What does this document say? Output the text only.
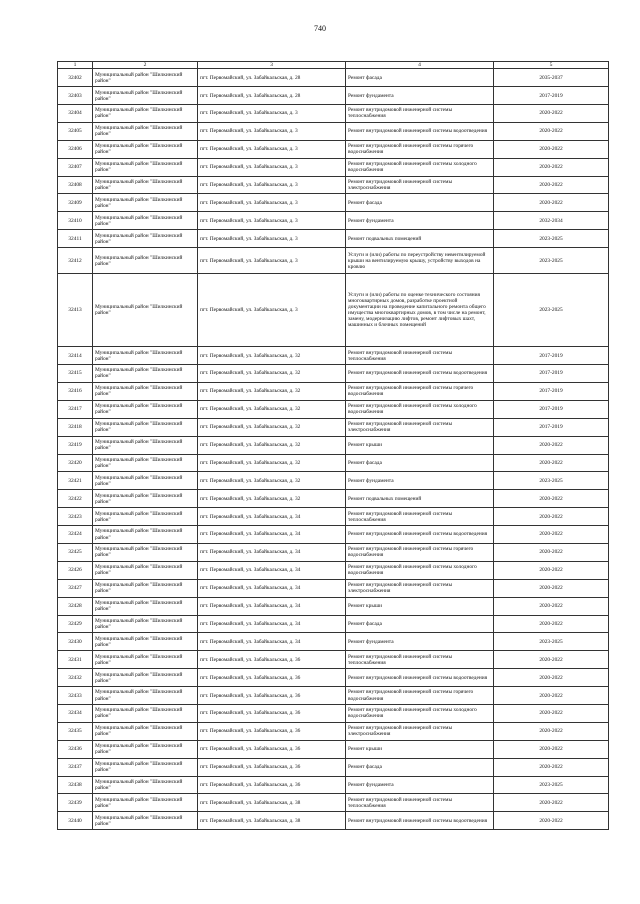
740
1	2	3	4	5
32402	Муниципальный район "Шилкинский район"	пгт. Первомайский, ул. Забайкальская, д. 28	Ремонт фасада	2035-2037
32403	Муниципальный район "Шилкинский район"	пгт. Первомайский, ул. Забайкальская, д. 28	Ремонт фундамента	2017-2019
32404	Муниципальный район "Шилкинский район"	пгт. Первомайский, ул. Забайкальская, д. 3	Ремонт внутридомовой инженерной системы теплоснабжения	2020-2022
32405	Муниципальный район "Шилкинский район"	пгт. Первомайский, ул. Забайкальская, д. 3	Ремонт внутридомовой инженерной системы водоотведения	2020-2022
32406	Муниципальный район "Шилкинский район"	пгт. Первомайский, ул. Забайкальская, д. 3	Ремонт внутридомовой инженерной системы горячего водоснабжения	2020-2022
32407	Муниципальный район "Шилкинский район"	пгт. Первомайский, ул. Забайкальская, д. 3	Ремонт внутридомовой инженерной системы холодного водоснабжения	2020-2022
32408	Муниципальный район "Шилкинский район"	пгт. Первомайский, ул. Забайкальская, д. 3	Ремонт внутридомовой инженерной системы электроснабжения	2020-2022
32409	Муниципальный район "Шилкинский район"	пгт. Первомайский, ул. Забайкальская, д. 3	Ремонт фасада	2020-2022
32410	Муниципальный район "Шилкинский район"	пгт. Первомайский, ул. Забайкальская, д. 3	Ремонт фундамента	2032-2034
32411	Муниципальный район "Шилкинский район"	пгт. Первомайский, ул. Забайкальская, д. 3	Ремонт подвальных помещений	2023-2025
32412	Муниципальный район "Шилкинский район"	пгт. Первомайский, ул. Забайкальская, д. 3	Услуги и (или) работы по переустройству невентилируемой крыши на вентилируемую крышу, устройству выходов на кровлю	2023-2025
32413	Муниципальный район "Шилкинский район"	пгт. Первомайский, ул. Забайкальская, д. 3	Услуги и (или) работы по оценке технического состояния многоквартирных домов, разработке проектной документации на проведение капитального ремонта общего имущества многоквартирных домов, в том числе на ремонт, замену, модернизацию лифтов, ремонт лифтовых шахт, машинных и блочных помещений	2023-2025
32414	Муниципальный район "Шилкинский район"	пгт. Первомайский, ул. Забайкальская, д. 32	Ремонт внутридомовой инженерной системы теплоснабжения	2017-2019
32415	Муниципальный район "Шилкинский район"	пгт. Первомайский, ул. Забайкальская, д. 32	Ремонт внутридомовой инженерной системы водоотведения	2017-2019
32416	Муниципальный район "Шилкинский район"	пгт. Первомайский, ул. Забайкальская, д. 32	Ремонт внутридомовой инженерной системы горячего водоснабжения	2017-2019
32417	Муниципальный район "Шилкинский район"	пгт. Первомайский, ул. Забайкальская, д. 32	Ремонт внутридомовой инженерной системы холодного водоснабжения	2017-2019
32418	Муниципальный район "Шилкинский район"	пгт. Первомайский, ул. Забайкальская, д. 32	Ремонт внутридомовой инженерной системы электроснабжения	2017-2019
32419	Муниципальный район "Шилкинский район"	пгт. Первомайский, ул. Забайкальская, д. 32	Ремонт крыши	2020-2022
32420	Муниципальный район "Шилкинский район"	пгт. Первомайский, ул. Забайкальская, д. 32	Ремонт фасада	2020-2022
32421	Муниципальный район "Шилкинский район"	пгт. Первомайский, ул. Забайкальская, д. 32	Ремонт фундамента	2023-2025
32422	Муниципальный район "Шилкинский район"	пгт. Первомайский, ул. Забайкальская, д. 32	Ремонт подвальных помещений	2020-2022
32423	Муниципальный район "Шилкинский район"	пгт. Первомайский, ул. Забайкальская, д. 34	Ремонт внутридомовой инженерной системы теплоснабжения	2020-2022
32424	Муниципальный район "Шилкинский район"	пгт. Первомайский, ул. Забайкальская, д. 34	Ремонт внутридомовой инженерной системы водоотведения	2020-2022
32425	Муниципальный район "Шилкинский район"	пгт. Первомайский, ул. Забайкальская, д. 34	Ремонт внутридомовой инженерной системы горячего водоснабжения	2020-2022
32426	Муниципальный район "Шилкинский район"	пгт. Первомайский, ул. Забайкальская, д. 34	Ремонт внутридомовой инженерной системы холодного водоснабжения	2020-2022
32427	Муниципальный район "Шилкинский район"	пгт. Первомайский, ул. Забайкальская, д. 34	Ремонт внутридомовой инженерной системы электроснабжения	2020-2022
32428	Муниципальный район "Шилкинский район"	пгт. Первомайский, ул. Забайкальская, д. 34	Ремонт крыши	2020-2022
32429	Муниципальный район "Шилкинский район"	пгт. Первомайский, ул. Забайкальская, д. 34	Ремонт фасада	2020-2022
32430	Муниципальный район "Шилкинский район"	пгт. Первомайский, ул. Забайкальская, д. 34	Ремонт фундамента	2023-2025
32431	Муниципальный район "Шилкинский район"	пгт. Первомайский, ул. Забайкальская, д. 36	Ремонт внутридомовой инженерной системы теплоснабжения	2020-2022
32432	Муниципальный район "Шилкинский район"	пгт. Первомайский, ул. Забайкальская, д. 36	Ремонт внутридомовой инженерной системы водоотведения	2020-2022
32433	Муниципальный район "Шилкинский район"	пгт. Первомайский, ул. Забайкальская, д. 36	Ремонт внутридомовой инженерной системы горячего водоснабжения	2020-2022
32434	Муниципальный район "Шилкинский район"	пгт. Первомайский, ул. Забайкальская, д. 36	Ремонт внутридомовой инженерной системы холодного водоснабжения	2020-2022
32435	Муниципальный район "Шилкинский район"	пгт. Первомайский, ул. Забайкальская, д. 36	Ремонт внутридомовой инженерной системы электроснабжения	2020-2022
32436	Муниципальный район "Шилкинский район"	пгт. Первомайский, ул. Забайкальская, д. 36	Ремонт крыши	2020-2022
32437	Муниципальный район "Шилкинский район"	пгт. Первомайский, ул. Забайкальская, д. 36	Ремонт фасада	2020-2022
32438	Муниципальный район "Шилкинский район"	пгт. Первомайский, ул. Забайкальская, д. 36	Ремонт фундамента	2023-2025
32439	Муниципальный район "Шилкинский район"	пгт. Первомайский, ул. Забайкальская, д. 38	Ремонт внутридомовой инженерной системы теплоснабжения	2020-2022
32440	Муниципальный район "Шилкинский район"	пгт. Первомайский, ул. Забайкальская, д. 38	Ремонт внутридомовой инженерной системы водоотведения	2020-2022
